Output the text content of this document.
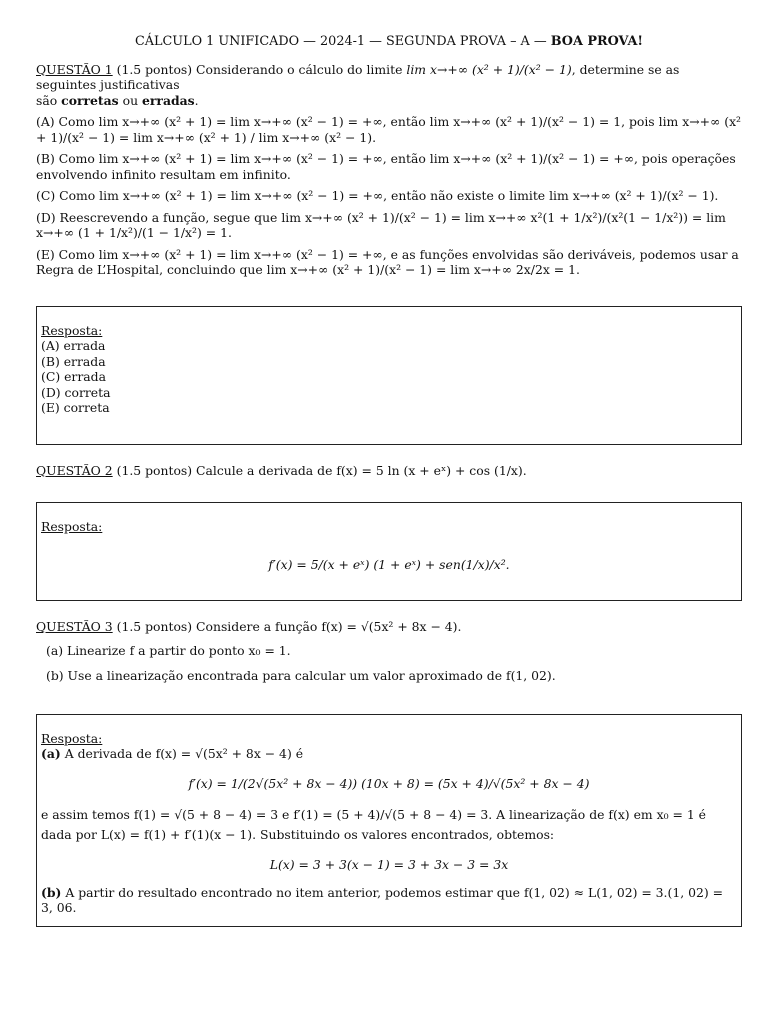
CÁLCULO 1 UNIFICADO — 2024-1 — SEGUNDA PROVA – A — BOA PROVA!

QUESTÃO 1 (1.5 pontos) Considerando o cálculo do limite lim x→+∞ (x² + 1)/(x² − 1), determine se as seguintes justificativas

são corretas ou erradas.

(A) Como lim x→+∞ (x² + 1) = lim x→+∞ (x² − 1) = +∞, então lim x→+∞ (x² + 1)/(x² − 1) = 1, pois lim x→+∞ (x² + 1)/(x² − 1) = lim x→+∞ (x² + 1) / lim x→+∞ (x² − 1).

(B) Como lim x→+∞ (x² + 1) = lim x→+∞ (x² − 1) = +∞, então lim x→+∞ (x² + 1)/(x² − 1) = +∞, pois operações envolvendo infinito resultam em infinito.

(C) Como lim x→+∞ (x² + 1) = lim x→+∞ (x² − 1) = +∞, então não existe o limite lim x→+∞ (x² + 1)/(x² − 1).

(D) Reescrevendo a função, segue que lim x→+∞ (x² + 1)/(x² − 1) = lim x→+∞ x²(1 + 1/x²)/(x²(1 − 1/x²)) = lim x→+∞ (1 + 1/x²)/(1 − 1/x²) = 1.

(E) Como lim x→+∞ (x² + 1) = lim x→+∞ (x² − 1) = +∞, e as funções envolvidas são deriváveis, podemos usar a Regra de L’Hospital, concluindo que lim x→+∞ (x² + 1)/(x² − 1) = lim x→+∞ 2x/2x = 1.

Resposta:

(A) errada

(B) errada

(C) errada

(D) correta

(E) correta

QUESTÃO 2 (1.5 pontos) Calcule a derivada de f(x) = 5 ln (x + eˣ) + cos (1/x).

Resposta:

f′(x) = 5/(x + eˣ) (1 + eˣ) + sen(1/x)/x².

QUESTÃO 3 (1.5 pontos) Considere a função f(x) = √(5x² + 8x − 4).

(a) Linearize f a partir do ponto x₀ = 1.
(b) Use a linearização encontrada para calcular um valor aproximado de f(1, 02).

Resposta:

(a) A derivada de f(x) = √(5x² + 8x − 4) é

f′(x) = 1/(2√(5x² + 8x − 4)) (10x + 8) = (5x + 4)/√(5x² + 8x − 4)

e assim temos f(1) = √(5 + 8 − 4) = 3 e f′(1) = (5 + 4)/√(5 + 8 − 4) = 3. A linearização de f(x) em x₀ = 1 é dada por L(x) = f(1) + f′(1)(x − 1). Substituindo os valores encontrados, obtemos:

L(x) = 3 + 3(x − 1) = 3 + 3x − 3 = 3x

(b) A partir do resultado encontrado no item anterior, podemos estimar que f(1, 02) ≈ L(1, 02) = 3.(1, 02) = 3, 06.
